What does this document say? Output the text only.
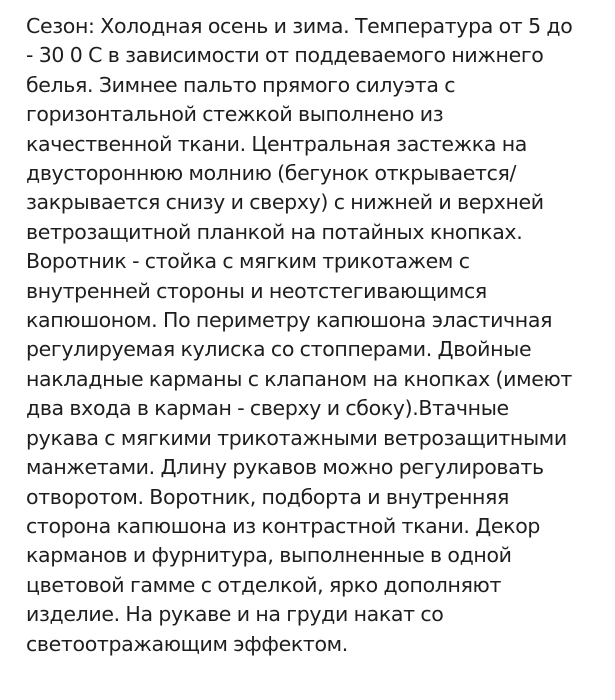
Сезон: Холодная осень и зима. Температура от 5 до
- 30 0 С в зависимости от поддеваемого нижнего
белья. Зимнее пальто прямого силуэта с
горизонтальной стежкой выполнено из
качественной ткани. Центральная застежка на
двустороннюю молнию (бегунок открывается/
закрывается снизу и сверху) с нижней и верхней
ветрозащитной планкой на потайных кнопках.
Воротник - стойка с мягким трикотажем с
внутренней стороны и неотстегивающимся
капюшоном. По периметру капюшона эластичная
регулируемая кулиска со стопперами. Двойные
накладные карманы с клапаном на кнопках (имеют
два входа в карман - сверху и сбоку).Втачные
рукава с мягкими трикотажными ветрозащитными
манжетами. Длину рукавов можно регулировать
отворотом. Воротник, подборта и внутренняя
сторона капюшона из контрастной ткани. Декор
карманов и фурнитура, выполненные в одной
цветовой гамме с отделкой, ярко дополняют
изделие. На рукаве и на груди накат со
светоотражающим эффектом.
